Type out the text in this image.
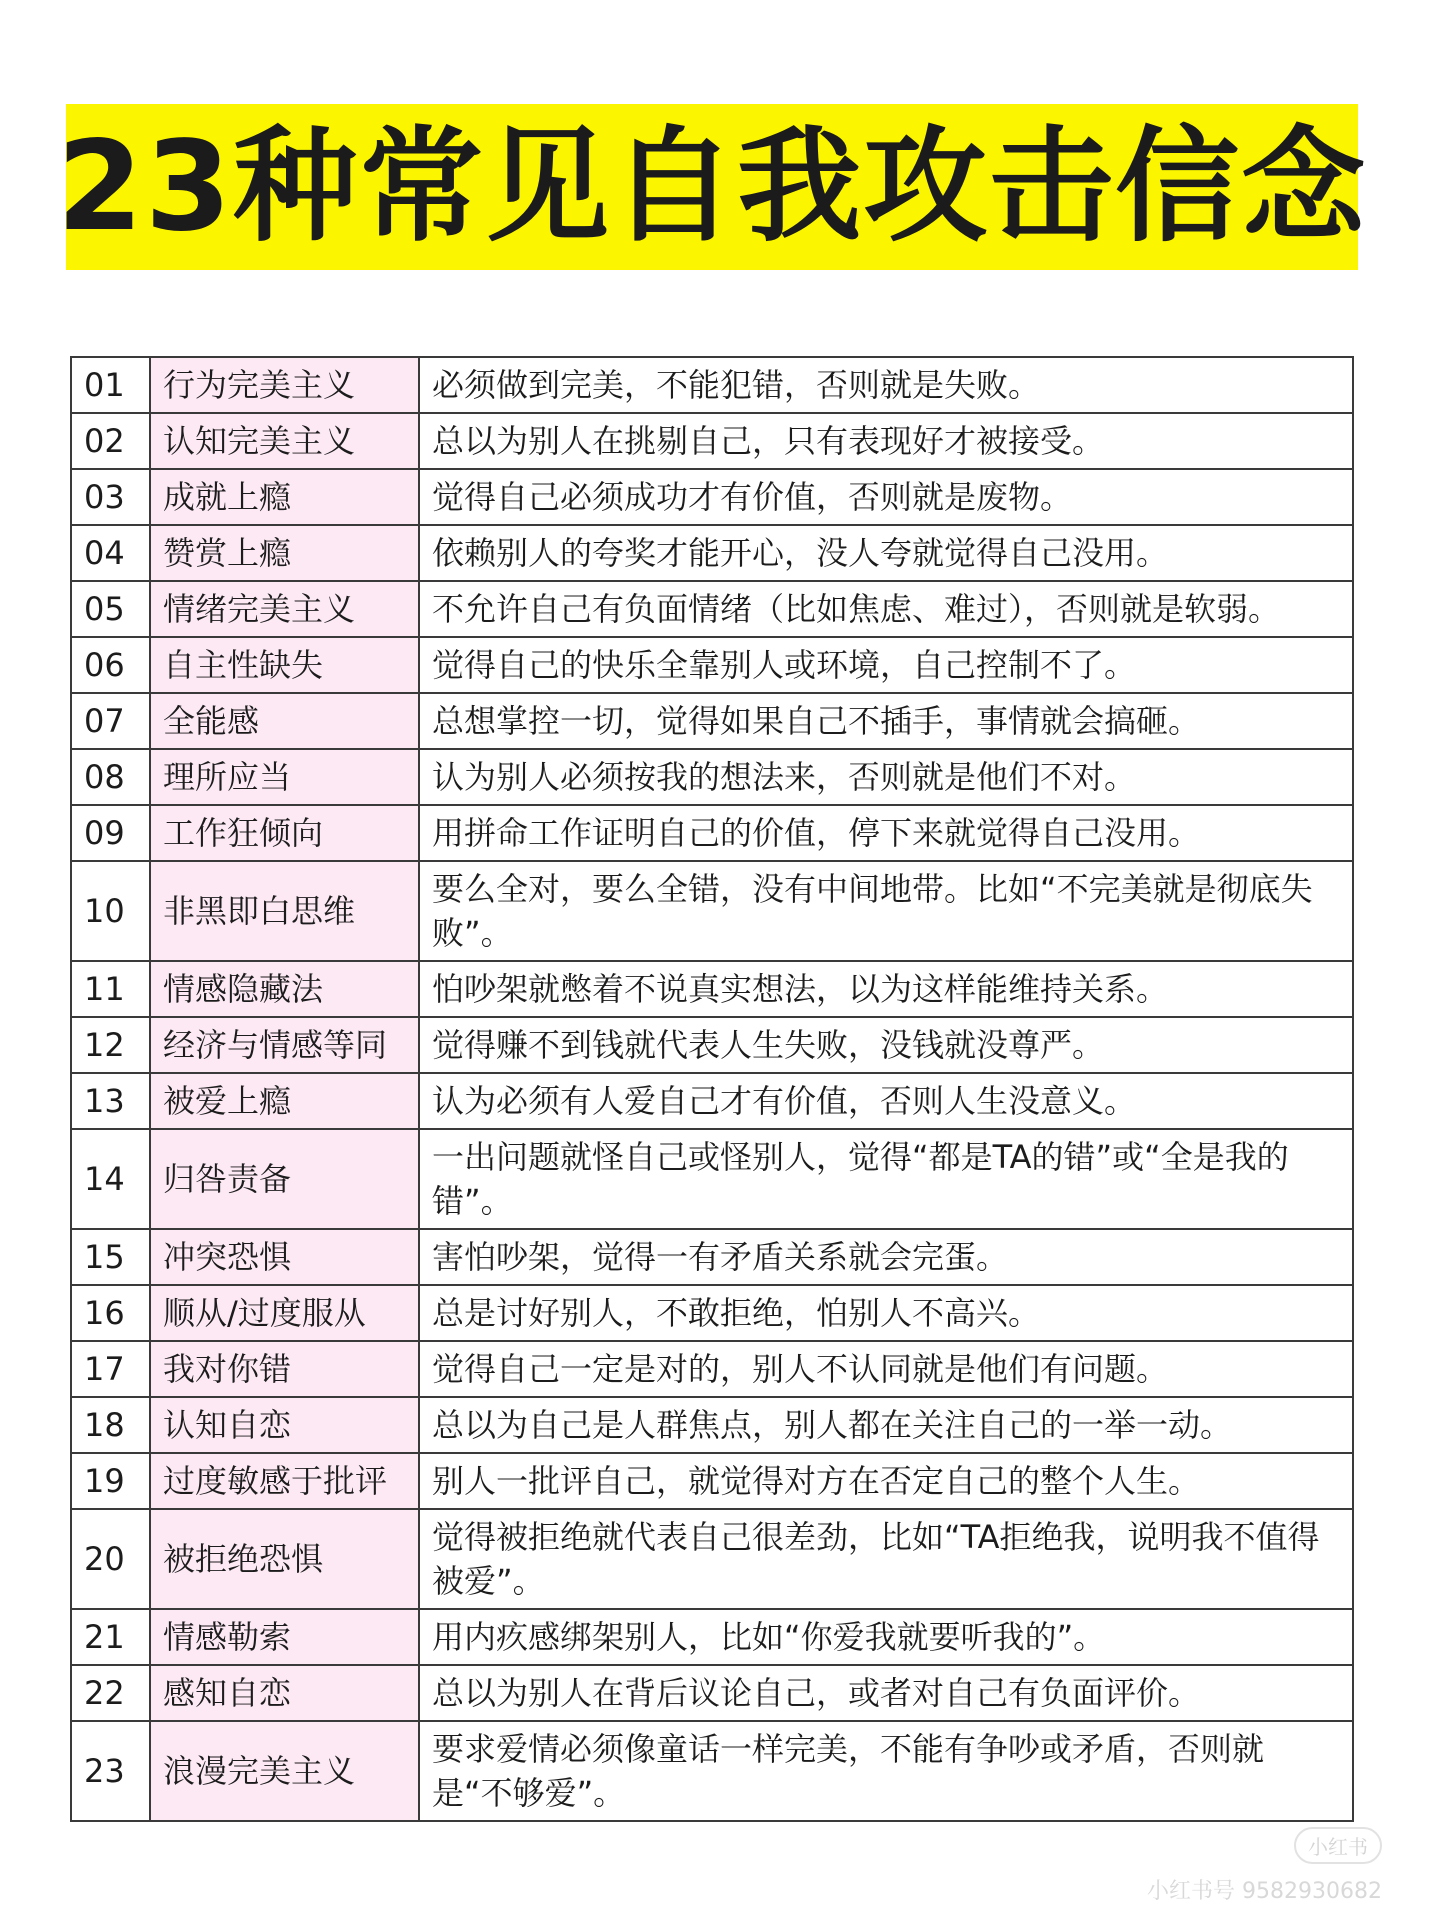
23种常见自我攻击信念
01	行为完美主义	必须做到完美，不能犯错，否则就是失败。
02	认知完美主义	总以为别人在挑剔自己，只有表现好才被接受。
03	成就上瘾	觉得自己必须成功才有价值，否则就是废物。
04	赞赏上瘾	依赖别人的夸奖才能开心，没人夸就觉得自己没用。
05	情绪完美主义	不允许自己有负面情绪（比如焦虑、难过），否则就是软弱。
06	自主性缺失	觉得自己的快乐全靠别人或环境，自己控制不了。
07	全能感	总想掌控一切，觉得如果自己不插手，事情就会搞砸。
08	理所应当	认为别人必须按我的想法来，否则就是他们不对。
09	工作狂倾向	用拼命工作证明自己的价值，停下来就觉得自己没用。
10	非黑即白思维	要么全对，要么全错，没有中间地带。比如“不完美就是彻底失败”。
11	情感隐藏法	怕吵架就憋着不说真实想法，以为这样能维持关系。
12	经济与情感等同	觉得赚不到钱就代表人生失败，没钱就没尊严。
13	被爱上瘾	认为必须有人爱自己才有价值，否则人生没意义。
14	归咎责备	一出问题就怪自己或怪别人，觉得“都是TA的错”或“全是我的错”。
15	冲突恐惧	害怕吵架，觉得一有矛盾关系就会完蛋。
16	顺从/过度服从	总是讨好别人，不敢拒绝，怕别人不高兴。
17	我对你错	觉得自己一定是对的，别人不认同就是他们有问题。
18	认知自恋	总以为自己是人群焦点，别人都在关注自己的一举一动。
19	过度敏感于批评	别人一批评自己，就觉得对方在否定自己的整个人生。
20	被拒绝恐惧	觉得被拒绝就代表自己很差劲，比如“TA拒绝我，说明我不值得被爱”。
21	情感勒索	用内疚感绑架别人，比如“你爱我就要听我的”。
22	感知自恋	总以为别人在背后议论自己，或者对自己有负面评价。
23	浪漫完美主义	要求爱情必须像童话一样完美，不能有争吵或矛盾，否则就是“不够爱”。
小红书
小红书号 9582930682
